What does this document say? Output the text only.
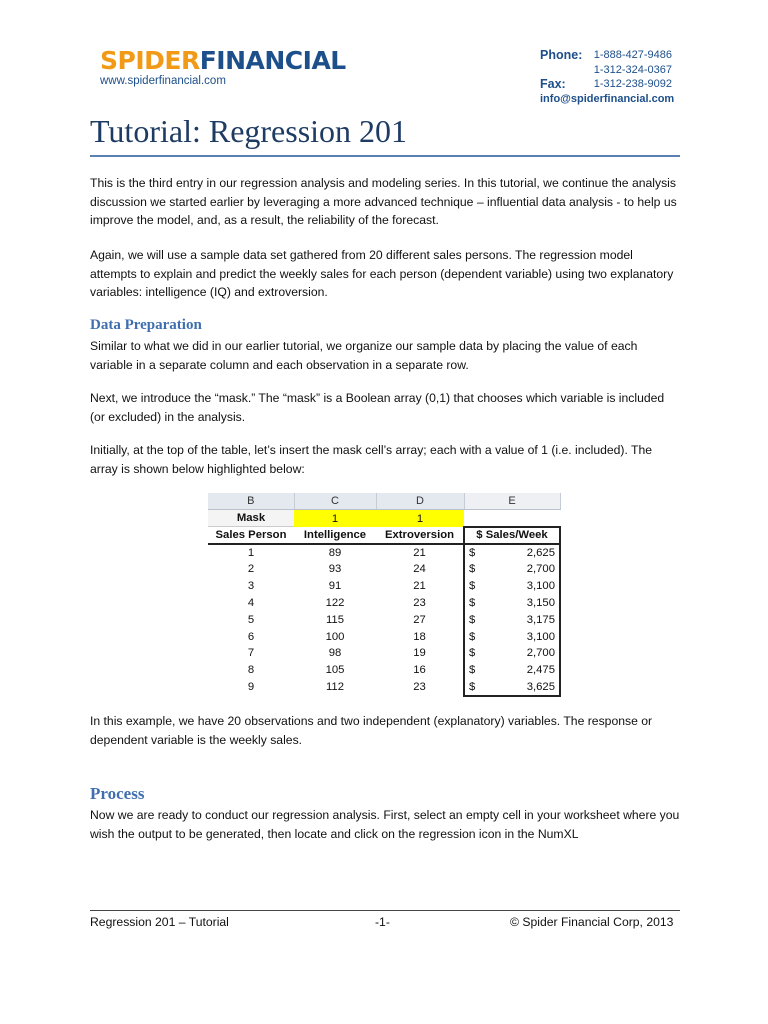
SPIDERFINANCIAL
www.spiderfinancial.com
Phone: 1-888-427-9486
1-312-324-0367
Fax:	1-312-238-9092
info@spiderfinancial.com
Tutorial: Regression 201
This is the third entry in our regression analysis and modeling series. In this tutorial, we continue the analysis discussion we started earlier by leveraging a more advanced technique – influential data analysis - to help us improve the model, and, as a result, the reliability of the forecast.
Again, we will use a sample data set gathered from 20 different sales persons. The regression model attempts to explain and predict the weekly sales for each person (dependent variable) using two explanatory variables: intelligence (IQ) and extroversion.
Data Preparation
Similar to what we did in our earlier tutorial, we organize our sample data by placing the value of each variable in a separate column and each observation in a separate row.
Next, we introduce the “mask.” The “mask” is a Boolean array (0,1) that chooses which variable is included (or excluded) in the analysis.
Initially, at the top of the table, let’s insert the mask cell’s array; each with a value of 1 (i.e. included). The array is shown below highlighted below:
B	C	D	E
Mask	1	1	
Sales Person	Intelligence	Extroversion	$ Sales/Week
1	89	21	$ 2,625

2	93	24	$ 2,700

3	91	21	$ 3,100

4	122	23	$ 3,150

5	115	27	$ 3,175

6	100	18	$ 3,100

7	98	19	$ 2,700

8	105	16	$ 2,475

9	112	23	$ 3,625
In this example, we have 20 observations and two independent (explanatory) variables. The response or dependent variable is the weekly sales.
Process
Now we are ready to conduct our regression analysis. First, select an empty cell in your worksheet where you wish the output to be generated, then locate and click on the regression icon in the NumXL
Regression 201 – Tutorial	-1-	© Spider Financial Corp, 2013
